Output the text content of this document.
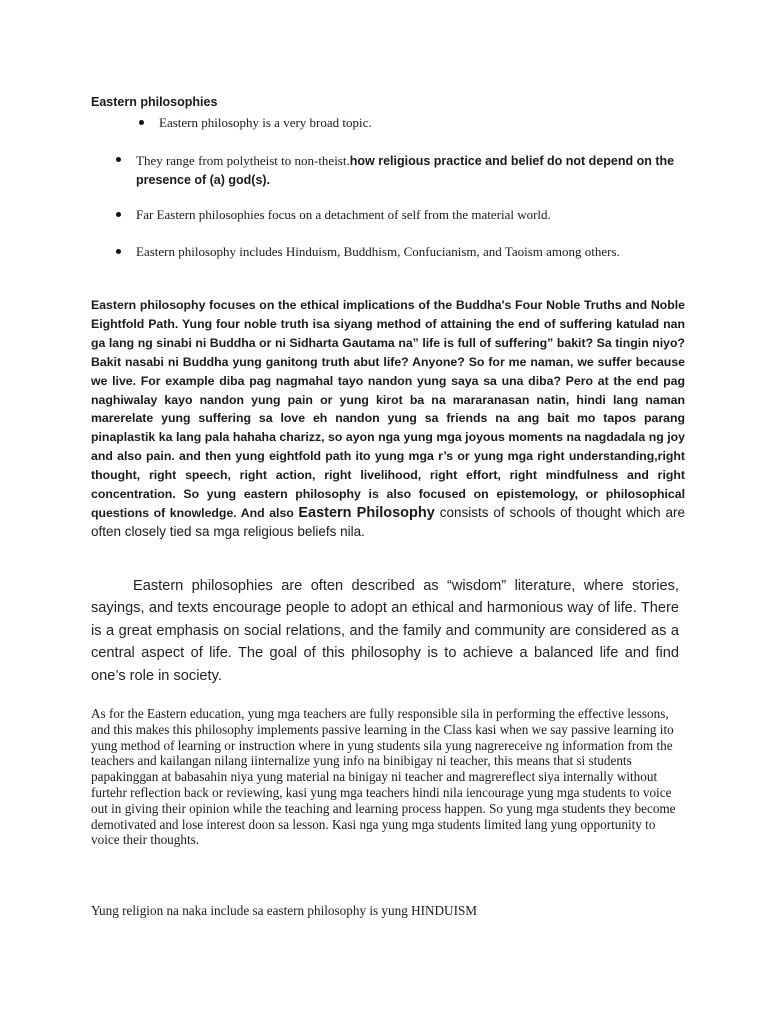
Eastern philosophies
Eastern philosophy is a very broad topic.
They range from polytheist to non-theist.how religious practice and belief do not depend on the presence of (a) god(s).
Far Eastern philosophies focus on a detachment of self from the material world.
Eastern philosophy includes Hinduism, Buddhism, Confucianism, and Taoism among others.

Eastern philosophy focuses on the ethical implications of the Buddha's Four Noble Truths and Noble Eightfold Path. Yung four noble truth isa siyang method of attaining the end of suffering katulad nan ga lang ng sinabi ni Buddha or ni Sidharta Gautama na” life is full of suffering” bakit? Sa tingin niyo? Bakit nasabi ni Buddha yung ganitong truth abut life? Anyone? So for me naman, we suffer because we live. For example diba pag nagmahal tayo nandon yung saya sa una diba? Pero at the end pag naghiwalay kayo nandon yung pain or yung kirot ba na mararanasan natin, hindi lang naman marerelate yung suffering sa love eh nandon yung sa friends na ang bait mo tapos parang pinaplastik ka lang pala hahaha charizz, so ayon nga yung mga joyous moments na nagdadala ng joy and also pain. and then yung eightfold path ito yung mga r’s or yung mga right understanding,right thought, right speech, right action, right livelihood, right effort, right mindfulness and right concentration. So yung eastern philosophy is also focused on epistemology, or philosophical questions of knowledge. And also Eastern Philosophy consists of schools of thought which are often closely tied sa mga religious beliefs nila.

Eastern philosophies are often described as “wisdom” literature, where stories, sayings, and texts encourage people to adopt an ethical and harmonious way of life. There is a great emphasis on social relations, and the family and community are considered as a central aspect of life. The goal of this philosophy is to achieve a balanced life and find one’s role in society.

As for the Eastern education, yung mga teachers are fully responsible sila in performing the effective lessons, and this makes this philosophy implements passive learning in the Class kasi when we say passive learning ito yung method of learning or instruction where in yung students sila yung nagrereceive ng information from the teachers and kailangan nilang iinternalize yung info na binibigay ni teacher, this means that si students papakinggan at babasahin niya yung material na binigay ni teacher and magrereflect siya internally without furtehr reflection back or reviewing, kasi yung mga teachers hindi nila iencourage yung mga students to voice out in giving their opinion while the teaching and learning process happen. So yung mga students they become demotivated and lose interest doon sa lesson. Kasi nga yung mga students limited lang yung opportunity to voice their thoughts.

Yung religion na naka include sa eastern philosophy is yung HINDUISM
